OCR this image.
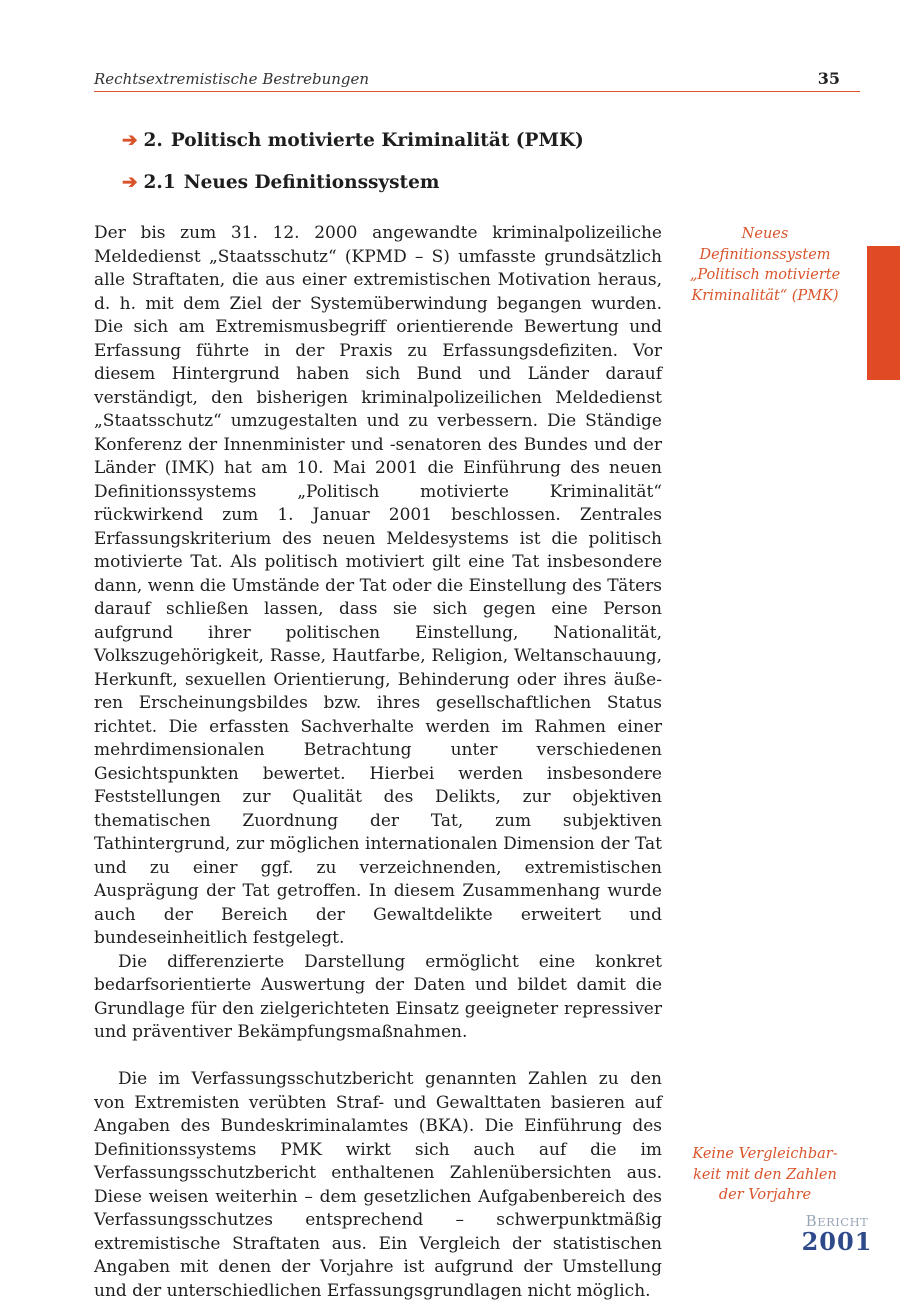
Rechtsextremistische Bestrebungen	35
➔ 2. Politisch motivierte Kriminalität (PMK)
➔ 2.1 Neues Definitionssystem

Der bis zum 31. 12. 2000 angewandte kriminalpolizeiliche Meldedienst „Staatsschutz“ (KPMD – S) umfasste grundsätzlich alle Straftaten, die aus einer extremistischen Motivation heraus, d. h. mit dem Ziel der Systemüberwindung begangen wurden. Die sich am Extremismusbegriff orientierende Bewertung und Erfassung führte in der Praxis zu Erfassungsdefiziten. Vor diesem Hintergrund haben sich Bund und Länder darauf verständigt, den bisherigen kriminalpolizeilichen Meldedienst „Staatsschutz“ umzugestalten und zu verbessern. Die Ständige Konferenz der Innenminister und -senatoren des Bundes und der Länder (IMK) hat am 10. Mai 2001 die Einführung des neuen Definitionssystems „Politisch motivierte Kriminalität“ rückwirkend zum 1. Januar 2001 beschlossen. Zentrales Erfassungskriterium des neuen Meldesystems ist die politisch motivierte Tat. Als politisch motiviert gilt eine Tat insbesondere dann, wenn die Umstände der Tat oder die Einstellung des Täters darauf schließen lassen, dass sie sich gegen eine Person aufgrund ihrer politischen Einstellung, Nationalität, Volkszugehörigkeit, Rasse, Hautfarbe, Religion, Weltanschauung, Herkunft, sexuellen Orientierung, Behinderung oder ihres äußeren Erscheinungsbildes bzw. ihres gesellschaftlichen Status richtet. Die erfassten Sachverhalte werden im Rahmen einer mehrdimensionalen Betrachtung unter verschiedenen Gesichtspunkten bewertet. Hierbei werden insbesondere Feststellungen zur Qualität des Delikts, zur objektiven thematischen Zuordnung der Tat, zum subjektiven Tathintergrund, zur möglichen internationalen Dimension der Tat und zu einer ggf. zu verzeichnenden, extremistischen Ausprägung der Tat getroffen. In diesem Zusammenhang wurde auch der Bereich der Gewaltdelikte erweitert und bundeseinheitlich festgelegt.

Die differenzierte Darstellung ermöglicht eine konkret bedarfsorientierte Auswertung der Daten und bildet damit die Grundlage für den zielgerichteten Einsatz geeigneter repressiver und präventiver Bekämpfungsmaßnahmen.

Die im Verfassungsschutzbericht genannten Zahlen zu den von Extremisten verübten Straf- und Gewalttaten basieren auf Angaben des Bundeskriminalamtes (BKA). Die Einführung des Definitionssystems PMK wirkt sich auch auf die im Verfassungsschutzbericht enthaltenen Zahlenübersichten aus. Diese weisen weiterhin – dem gesetzlichen Aufgabenbereich des Verfassungsschutzes entsprechend – schwerpunktmäßig extremistische Straftaten aus. Ein Vergleich der statistischen Angaben mit denen der Vorjahre ist aufgrund der Umstellung und der unterschiedlichen Erfassungsgrundlagen nicht möglich.

Neues
Definitionssystem
„Politisch motivierte
Kriminalität“ (PMK)
Keine Vergleichbar-
keit mit den Zahlen
der Vorjahre
BERICHT
2001
